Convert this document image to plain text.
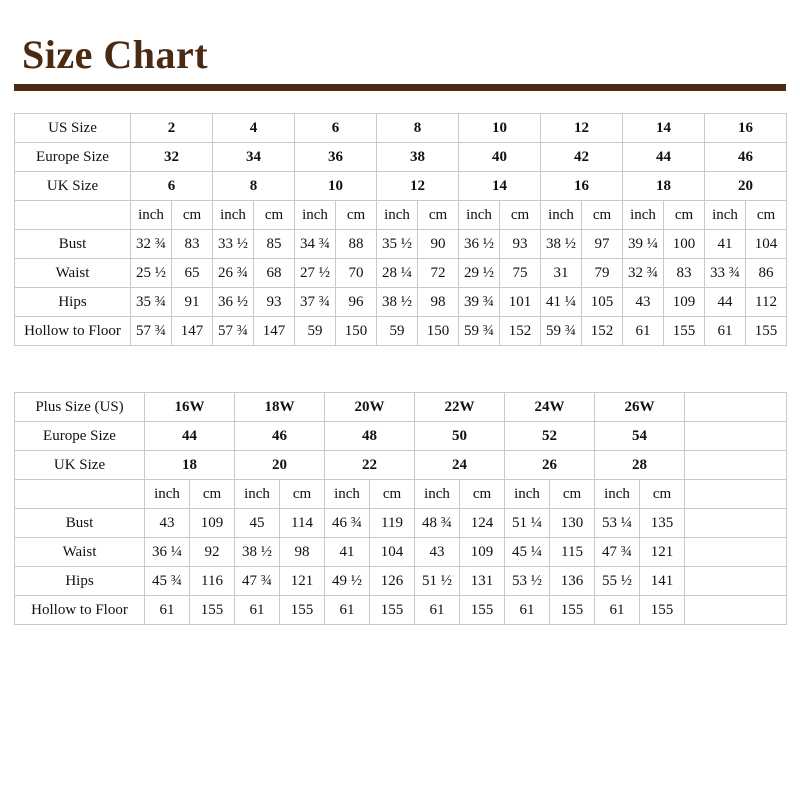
Size Chart
US Size	2		4		6		8		10		12		14		16	
Europe Size	32		34		36		38		40		42		44		46	
UK Size	6		8		10		12		14		16		18		20	
	inch	cm	inch	cm	inch	cm	inch	cm	inch	cm	inch	cm	inch	cm	inch	cm
Bust	32 ¾	83	33 ½	85	34 ¾	88	35 ½	90	36 ½	93	38 ½	97	39 ¼	100	41	104
Waist	25 ½	65	26 ¾	68	27 ½	70	28 ¼	72	29 ½	75	31	79	32 ¾	83	33 ¾	86
Hips	35 ¾	91	36 ½	93	37 ¾	96	38 ½	98	39 ¾	101	41 ¼	105	43	109	44	112
Hollow to Floor	57 ¾	147	57 ¾	147	59	150	59	150	59 ¾	152	59 ¾	152	61	155	61	155
Plus Size (US)	16W		18W		20W		22W		24W		26W		
Europe Size	44		46		48		50		52		54		
UK Size	18		20		22		24		26		28		
	inch	cm	inch	cm	inch	cm	inch	cm	inch	cm	inch	cm	
Bust	43	109	45	114	46 ¾	119	48 ¾	124	51 ¼	130	53 ¼	135	
Waist	36 ¼	92	38 ½	98	41	104	43	109	45 ¼	115	47 ¾	121	
Hips	45 ¾	116	47 ¾	121	49 ½	126	51 ½	131	53 ½	136	55 ½	141	
Hollow to Floor	61	155	61	155	61	155	61	155	61	155	61	155	
